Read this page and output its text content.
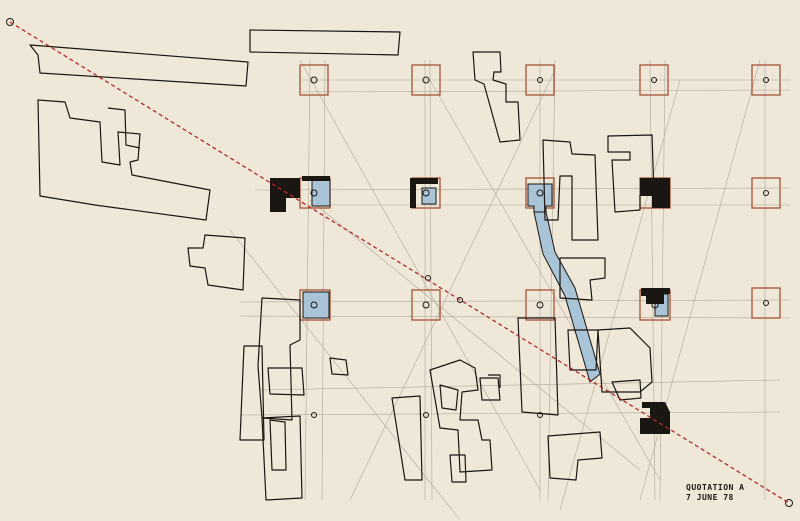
QUOTATION A
7 JUNE 78
